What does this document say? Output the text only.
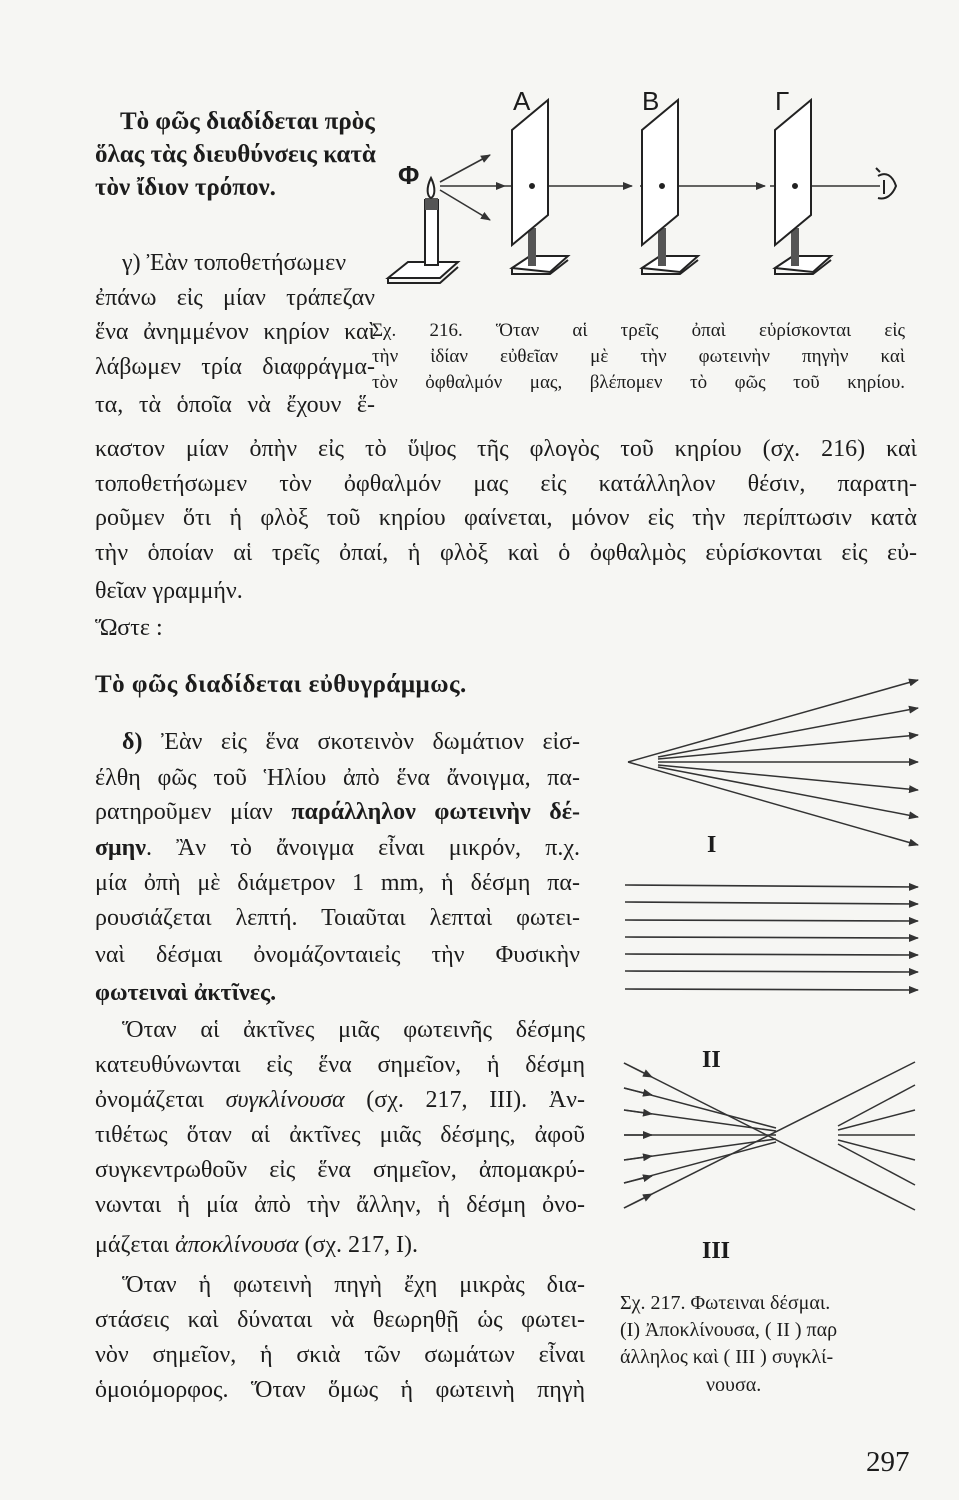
Τὸ φῶς διαδίδεται πρὸς
ὅλας τὰς διευθύνσεις κατὰ
τὸν ἴδιον τρόπον.
γ) Ἐὰν τοποθετήσωμεν
ἐπάνω εἰς μίαν τράπεζαν
ἕνα ἀνημμένον κηρίον καὶ
λάβωμεν τρία διαφράγμα-
τα, τὰ ὁποῖα νὰ ἔχουν ἕ-
καστον μίαν ὀπὴν εἰς τὸ ὕψος τῆς φλογὸς τοῦ κηρίου (σχ. 216) καὶ
τοποθετήσωμεν τὸν ὀφθαλμόν μας εἰς κατάλληλον θέσιν, παρατη-
ροῦμεν ὅτι ἡ φλὸξ τοῦ κηρίου φαίνεται, μόνον εἰς τὴν περίπτωσιν κατὰ
τὴν ὁποίαν αἱ τρεῖς ὀπαί, ἡ φλὸξ καὶ ὁ ὀφθαλμὸς εὑρίσκονται εἰς εὐ-
θεῖαν γραμμήν.
Ὥστε :
Τὸ φῶς διαδίδεται εὐθυγράμμως.
δ) Ἐὰν εἰς ἕνα σκοτεινὸν δωμάτιον εἰσ-
έλθη φῶς τοῦ Ἡλίου ἀπὸ ἕνα ἄνοιγμα, πα-
ρατηροῦμεν μίαν παράλληλον φωτεινὴν δέ-
σμην. Ἂν τὸ ἄνοιγμα εἶναι μικρόν, π.χ.
μία ὀπὴ μὲ διάμετρον 1 mm, ἡ δέσμη πα-
ρουσιάζεται λεπτή. Τοιαῦται λεπταὶ φωτει-
ναὶ δέσμαι ὀνομάζονταιεἰς τὴν Φυσικὴν
φωτειναὶ ἀκτῖνες.
Ὅταν αἱ ἀκτῖνες μιᾶς φωτεινῆς δέσμης
κατευθύνωνται εἰς ἕνα σημεῖον, ἡ δέσμη
ὀνομάζεται συγκλίνουσα (σχ. 217, III). Ἀν-
τιθέτως ὅταν αἱ ἀκτῖνες μιᾶς δέσμης, ἀφοῦ
συγκεντρωθοῦν εἰς ἕνα σημεῖον, ἀπομακρύ-
νωνται ἡ μία ἀπὸ τὴν ἄλλην, ἡ δέσμη ὀνο-
μάζεται ἀποκλίνουσα (σχ. 217, I).
Ὅταν ἡ φωτεινὴ πηγὴ ἔχη μικρὰς δια-
στάσεις καὶ δύναται νὰ θεωρηθῇ ὡς φωτει-
νὸν σημεῖον, ἡ σκιὰ τῶν σωμάτων εἶναι
ὁμοιόμορφος. Ὅταν ὅμως ἡ φωτεινὴ πηγὴ
Φ
Α	Β	Γ
Σχ. 216. Ὅταν αἱ τρεῖς ὀπαὶ εὑρίσκονται εἰς
τὴν ἰδίαν εὐθεῖαν μὲ τὴν φωτεινὴν πηγὴν καὶ
τὸν ὀφθαλμόν μας, βλέπομεν τὸ φῶς τοῦ κηρίου.
I
II
III
Σχ. 217. Φωτειναι δέσμαι.
(I) Ἀποκλίνουσα, ( II ) παρ
άλληλος καὶ ( III ) συγκλί-
νουσα.
297
